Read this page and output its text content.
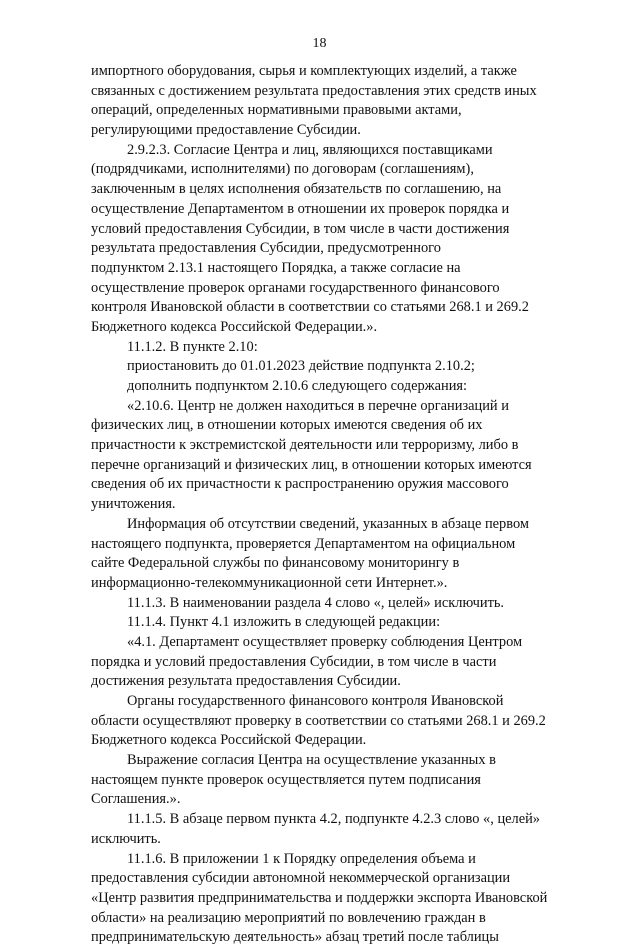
18
импортного оборудования, сырья и комплектующих изделий, а также
связанных с достижением результата предоставления этих средств иных
операций, определенных нормативными правовыми актами,
регулирующими предоставление Субсидии.
2.9.2.3. Согласие Центра и лиц, являющихся поставщиками
(подрядчиками, исполнителями) по договорам (соглашениям),
заключенным в целях исполнения обязательств по соглашению, на
осуществление Департаментом в отношении их проверок порядка и
условий предоставления Субсидии, в том числе в части достижения
результата предоставления Субсидии, предусмотренного
подпунктом 2.13.1 настоящего Порядка, а также согласие на
осуществление проверок органами государственного финансового
контроля Ивановской области в соответствии со статьями 268.1 и 269.2
Бюджетного кодекса Российской Федерации.».
11.1.2. В пункте 2.10:
приостановить до 01.01.2023 действие подпункта 2.10.2;
дополнить подпунктом 2.10.6 следующего содержания:
«2.10.6. Центр не должен находиться в перечне организаций и
физических лиц, в отношении которых имеются сведения об их
причастности к экстремистской деятельности или терроризму, либо в
перечне организаций и физических лиц, в отношении которых имеются
сведения об их причастности к распространению оружия массового
уничтожения.
Информация об отсутствии сведений, указанных в абзаце первом
настоящего подпункта, проверяется Департаментом на официальном
сайте Федеральной службы по финансовому мониторингу в
информационно-телекоммуникационной сети Интернет.».
11.1.3. В наименовании раздела 4 слово «, целей» исключить.
11.1.4. Пункт 4.1 изложить в следующей редакции:
«4.1. Департамент осуществляет проверку соблюдения Центром
порядка и условий предоставления Субсидии, в том числе в части
достижения результата предоставления Субсидии.
Органы государственного финансового контроля Ивановской
области осуществляют проверку в соответствии со статьями 268.1 и 269.2
Бюджетного кодекса Российской Федерации.
Выражение согласия Центра на осуществление указанных в
настоящем пункте проверок осуществляется путем подписания
Соглашения.».
11.1.5. В абзаце первом пункта 4.2, подпункте 4.2.3 слово «, целей»
исключить.
11.1.6. В приложении 1 к Порядку определения объема и
предоставления субсидии автономной некоммерческой организации
«Центр развития предпринимательства и поддержки экспорта Ивановской
области» на реализацию мероприятий по вовлечению граждан в
предпринимательскую деятельность» абзац третий после таблицы
